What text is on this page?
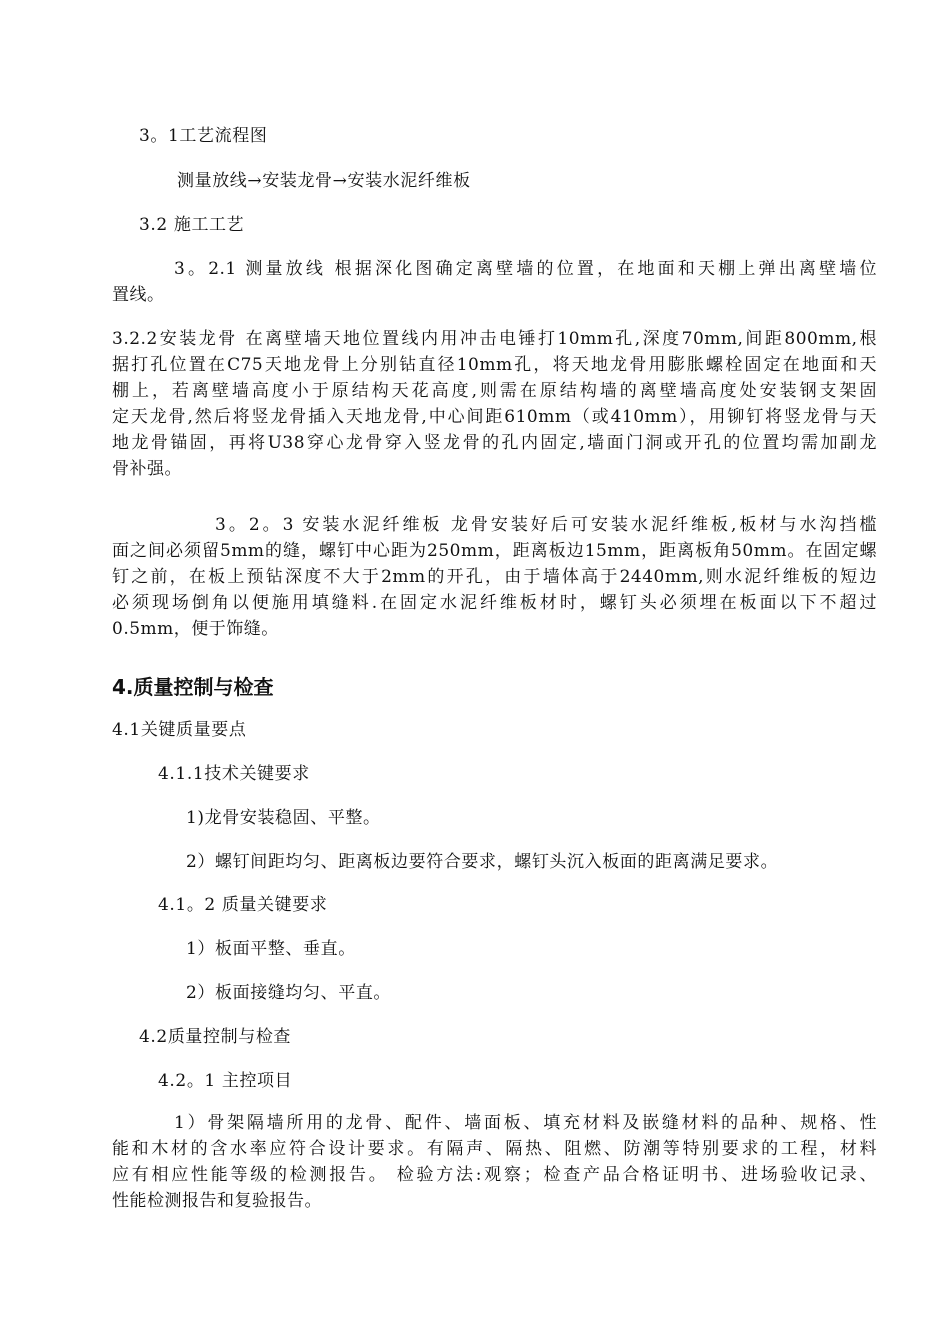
3。1工艺流程图
测量放线→安装龙骨→安装水泥纤维板
3.2 施工工艺
3。2.1 测量放线 根据深化图确定离壁墙的位置，在地面和天棚上弹出离壁墙位
置线。
3.2.2安装龙骨 在离壁墙天地位置线内用冲击电锤打10mm孔,深度70mm,间距800mm,根
据打孔位置在C75天地龙骨上分别钻直径10mm孔，将天地龙骨用膨胀螺栓固定在地面和天
棚上，若离壁墙高度小于原结构天花高度,则需在原结构墙的离壁墙高度处安装钢支架固
定天龙骨,然后将竖龙骨插入天地龙骨,中心间距610mm（或410mm），用铆钉将竖龙骨与天
地龙骨锚固，再将U38穿心龙骨穿入竖龙骨的孔内固定,墙面门洞或开孔的位置均需加副龙
骨补强。
3。2。3 安装水泥纤维板 龙骨安装好后可安装水泥纤维板,板材与水沟挡槛
面之间必须留5mm的缝，螺钉中心距为250mm，距离板边15mm，距离板角50mm。在固定螺
钉之前，在板上预钻深度不大于2mm的开孔，由于墙体高于2440mm,则水泥纤维板的短边
必须现场倒角以便施用填缝料.在固定水泥纤维板材时，螺钉头必须埋在板面以下不超过
0.5mm，便于饰缝。
4.质量控制与检查
4.1关键质量要点
4.1.1技术关键要求
1)龙骨安装稳固、平整。
2）螺钉间距均匀、距离板边要符合要求，螺钉头沉入板面的距离满足要求。
4.1。2 质量关键要求
1）板面平整、垂直。
2）板面接缝均匀、平直。
4.2质量控制与检查
4.2。1 主控项目
1）骨架隔墙所用的龙骨、配件、墙面板、填充材料及嵌缝材料的品种、规格、性
能和木材的含水率应符合设计要求。有隔声、隔热、阻燃、防潮等特别要求的工程，材料
应有相应性能等级的检测报告。 检验方法:观察；检查产品合格证明书、进场验收记录、
性能检测报告和复验报告。
